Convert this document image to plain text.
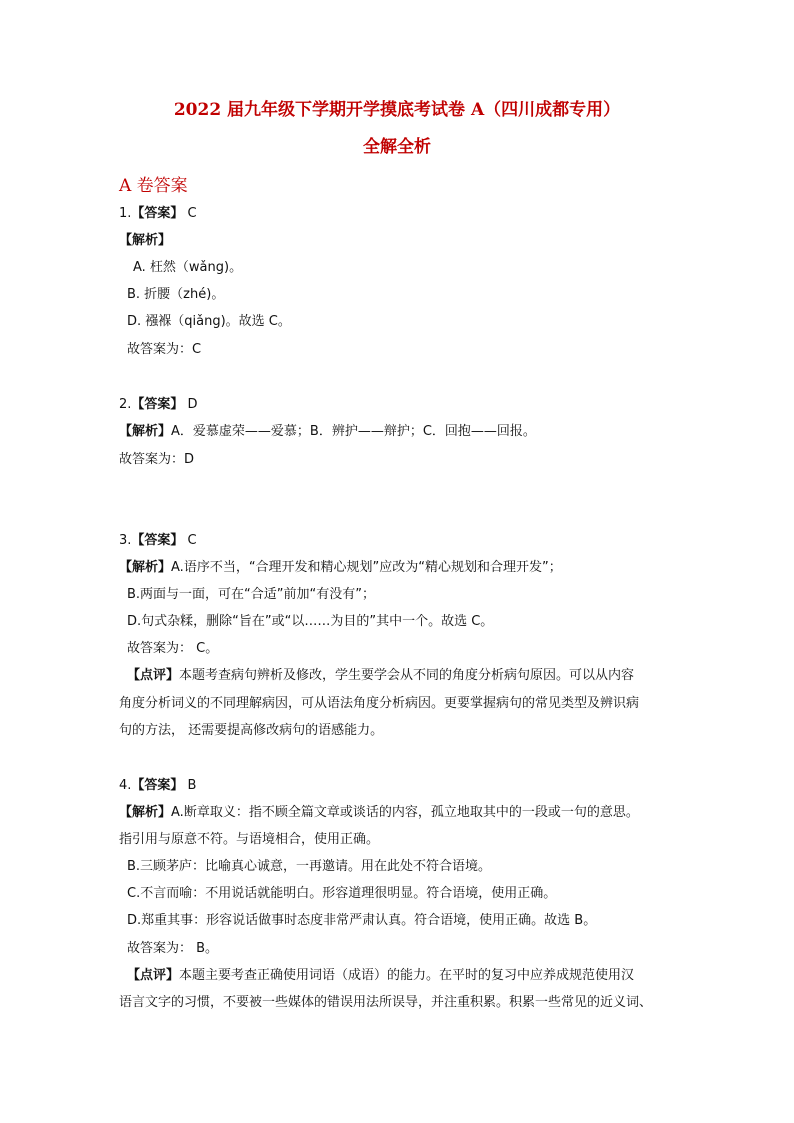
2022 届九年级下学期开学摸底考试卷 A（四川成都专用）
全解全析
A 卷答案
1.【答案】 C
【解析】
A. 枉然（wǎng)。
B. 折腰（zhé)。
D. 襁褓（qiǎng)。故选 C。
故答案为：C
2.【答案】 D
【解析】A．爱慕虚荣——爱慕；B．辨护——辩护；C．回抱——回报。
故答案为：D
3.【答案】 C
【解析】A.语序不当，“合理开发和精心规划”应改为“精心规划和合理开发”；
B.两面与一面，可在“合适”前加“有没有”；
D.句式杂糅，删除“旨在”或“以……为目的”其中一个。故选 C。
故答案为： C。
【点评】本题考查病句辨析及修改，学生要学会从不同的角度分析病句原因。可以从内容
角度分析词义的不同理解病因，可从语法角度分析病因。更要掌握病句的常见类型及辨识病
句的方法， 还需要提高修改病句的语感能力。
4.【答案】 B
【解析】A.断章取义：指不顾全篇文章或谈话的内容，孤立地取其中的一段或一句的意思。
指引用与原意不符。与语境相合，使用正确。
B.三顾茅庐：比喻真心诚意，一再邀请。用在此处不符合语境。
C.不言而喻：不用说话就能明白。形容道理很明显。符合语境，使用正确。
D.郑重其事：形容说话做事时态度非常严肃认真。符合语境，使用正确。故选 B。
故答案为： B。
【点评】本题主要考查正确使用词语（成语）的能力。在平时的复习中应养成规范使用汉
语言文字的习惯，不要被一些媒体的错误用法所误导，并注重积累。积累一些常见的近义词、
